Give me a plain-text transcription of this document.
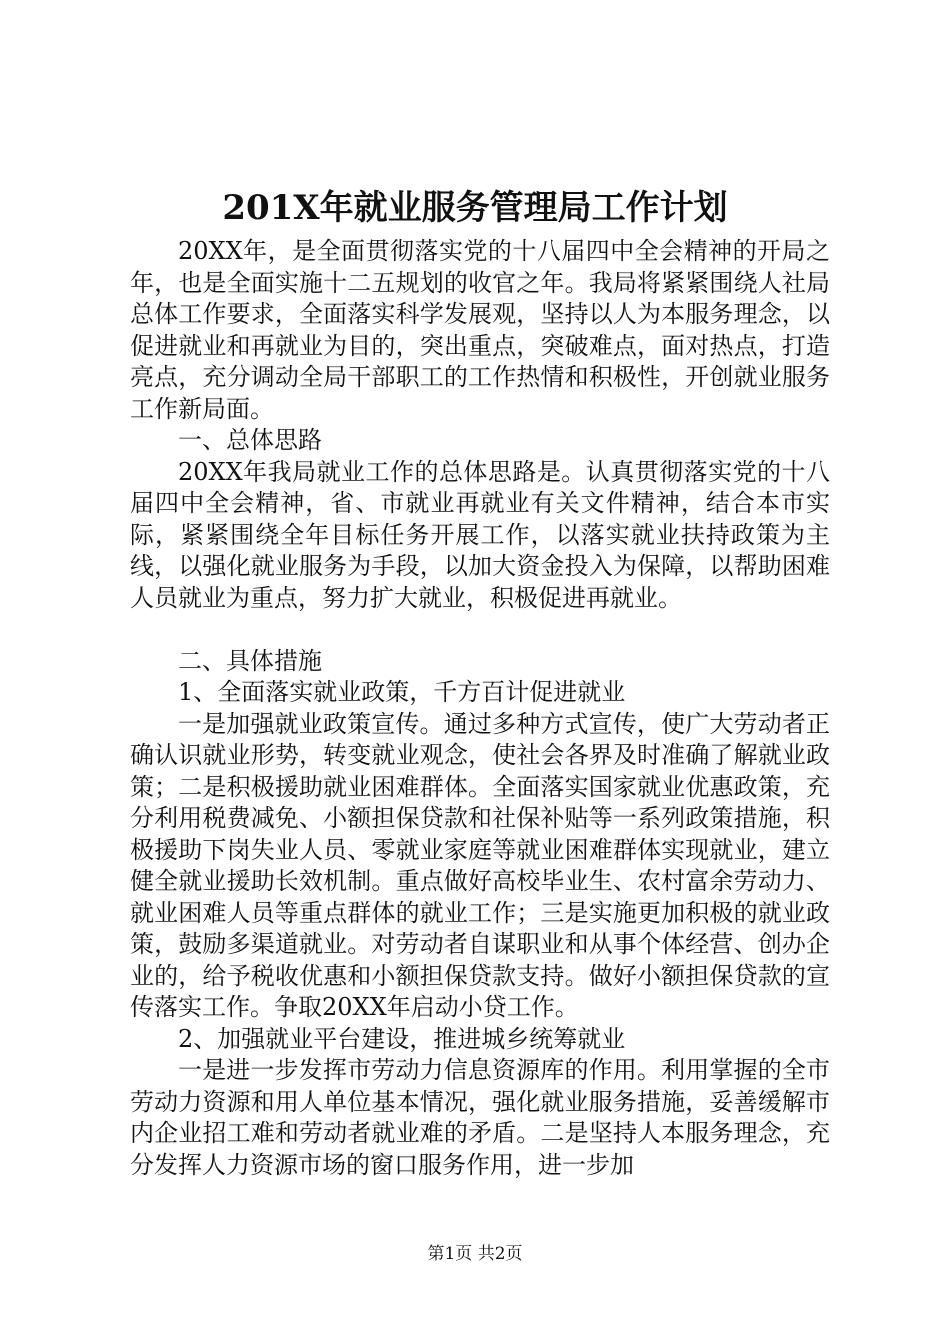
201X年就业服务管理局工作计划

20XX年，是全面贯彻落实党的十八届四中全会精神的开局之年，也是全面实施十二五规划的收官之年。我局将紧紧围绕人社局总体工作要求，全面落实科学发展观，坚持以人为本服务理念，以促进就业和再就业为目的，突出重点，突破难点，面对热点，打造亮点，充分调动全局干部职工的工作热情和积极性，开创就业服务工作新局面。

一、总体思路

20XX年我局就业工作的总体思路是。认真贯彻落实党的十八届四中全会精神，省、市就业再就业有关文件精神，结合本市实际，紧紧围绕全年目标任务开展工作，以落实就业扶持政策为主线，以强化就业服务为手段，以加大资金投入为保障，以帮助困难人员就业为重点，努力扩大就业，积极促进再就业。

二、具体措施

1、全面落实就业政策，千方百计促进就业

一是加强就业政策宣传。通过多种方式宣传，使广大劳动者正确认识就业形势，转变就业观念，使社会各界及时准确了解就业政策；二是积极援助就业困难群体。全面落实国家就业优惠政策，充分利用税费减免、小额担保贷款和社保补贴等一系列政策措施，积极援助下岗失业人员、零就业家庭等就业困难群体实现就业，建立健全就业援助长效机制。重点做好高校毕业生、农村富余劳动力、就业困难人员等重点群体的就业工作；三是实施更加积极的就业政策，鼓励多渠道就业。对劳动者自谋职业和从事个体经营、创办企业的，给予税收优惠和小额担保贷款支持。做好小额担保贷款的宣传落实工作。争取20XX年启动小贷工作。

2、加强就业平台建设，推进城乡统筹就业

一是进一步发挥市劳动力信息资源库的作用。利用掌握的全市劳动力资源和用人单位基本情况，强化就业服务措施，妥善缓解市内企业招工难和劳动者就业难的矛盾。二是坚持人本服务理念，充分发挥人力资源市场的窗口服务作用，进一步加

第1页 共2页
